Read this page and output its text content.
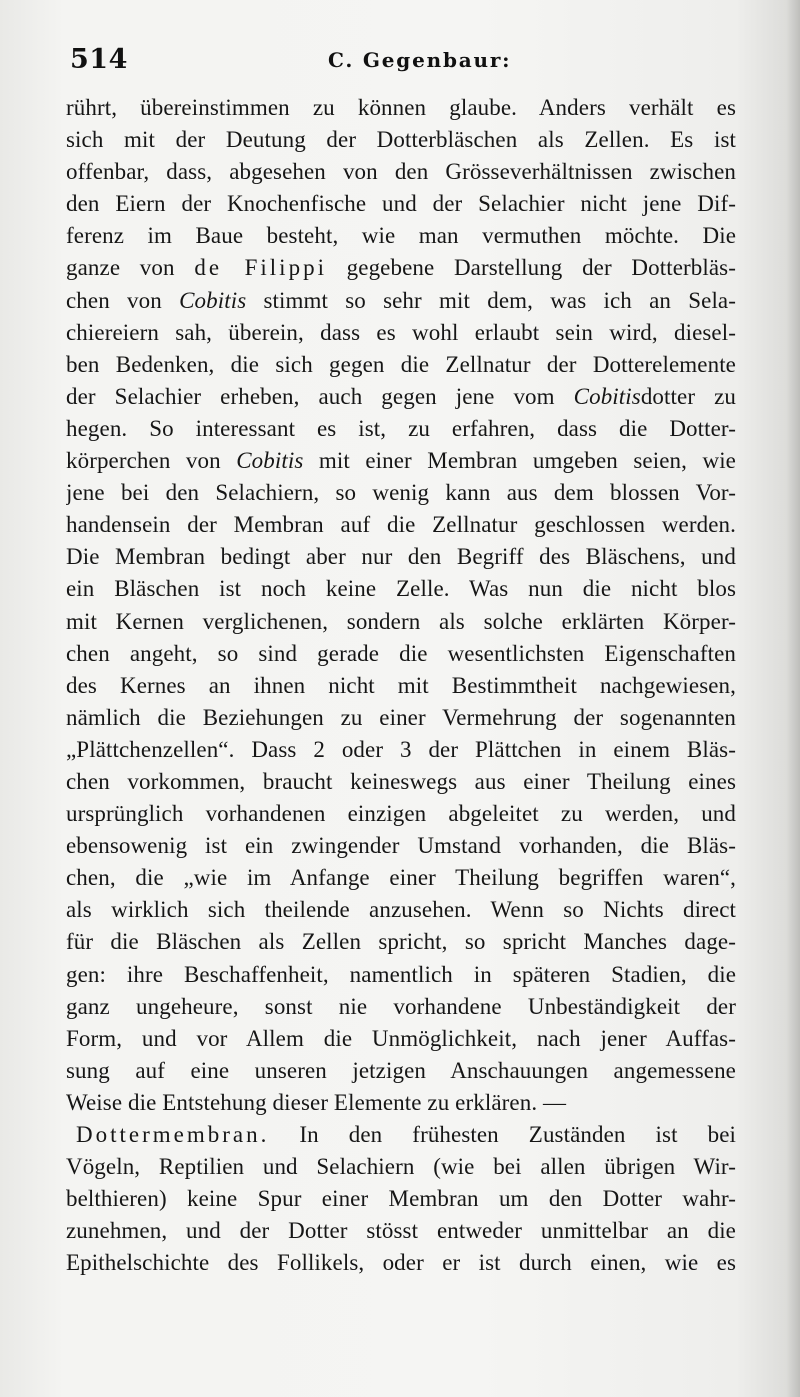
514	C. Gegenbaur:
rührt, übereinstimmen zu können glaube. Anders verhält es
sich mit der Deutung der Dotterbläschen als Zellen. Es ist
offenbar, dass, abgesehen von den Grösseverhältnissen zwischen
den Eiern der Knochenfische und der Selachier nicht jene Dif-
ferenz im Baue besteht, wie man vermuthen möchte. Die
ganze von de Filippi gegebene Darstellung der Dotterbläs-
chen von Cobitis stimmt so sehr mit dem, was ich an Sela-
chiereiern sah, überein, dass es wohl erlaubt sein wird, diesel-
ben Bedenken, die sich gegen die Zellnatur der Dotterelemente
der Selachier erheben, auch gegen jene vom Cobitisdotter zu
hegen. So interessant es ist, zu erfahren, dass die Dotter-
körperchen von Cobitis mit einer Membran umgeben seien, wie
jene bei den Selachiern, so wenig kann aus dem blossen Vor-
handensein der Membran auf die Zellnatur geschlossen werden.
Die Membran bedingt aber nur den Begriff des Bläschens, und
ein Bläschen ist noch keine Zelle. Was nun die nicht blos
mit Kernen verglichenen, sondern als solche erklärten Körper-
chen angeht, so sind gerade die wesentlichsten Eigenschaften
des Kernes an ihnen nicht mit Bestimmtheit nachgewiesen,
nämlich die Beziehungen zu einer Vermehrung der sogenannten
„Plättchenzellen“. Dass 2 oder 3 der Plättchen in einem Bläs-
chen vorkommen, braucht keineswegs aus einer Theilung eines
ursprünglich vorhandenen einzigen abgeleitet zu werden, und
ebensowenig ist ein zwingender Umstand vorhanden, die Bläs-
chen, die „wie im Anfange einer Theilung begriffen waren“,
als wirklich sich theilende anzusehen. Wenn so Nichts direct
für die Bläschen als Zellen spricht, so spricht Manches dage-
gen: ihre Beschaffenheit, namentlich in späteren Stadien, die
ganz ungeheure, sonst nie vorhandene Unbeständigkeit der
Form, und vor Allem die Unmöglichkeit, nach jener Auffas-
sung auf eine unseren jetzigen Anschauungen angemessene
Weise die Entstehung dieser Elemente zu erklären. —
Dottermembran. In den frühesten Zuständen ist bei
Vögeln, Reptilien und Selachiern (wie bei allen übrigen Wir-
belthieren) keine Spur einer Membran um den Dotter wahr-
zunehmen, und der Dotter stösst entweder unmittelbar an die
Epithelschichte des Follikels, oder er ist durch einen, wie es
